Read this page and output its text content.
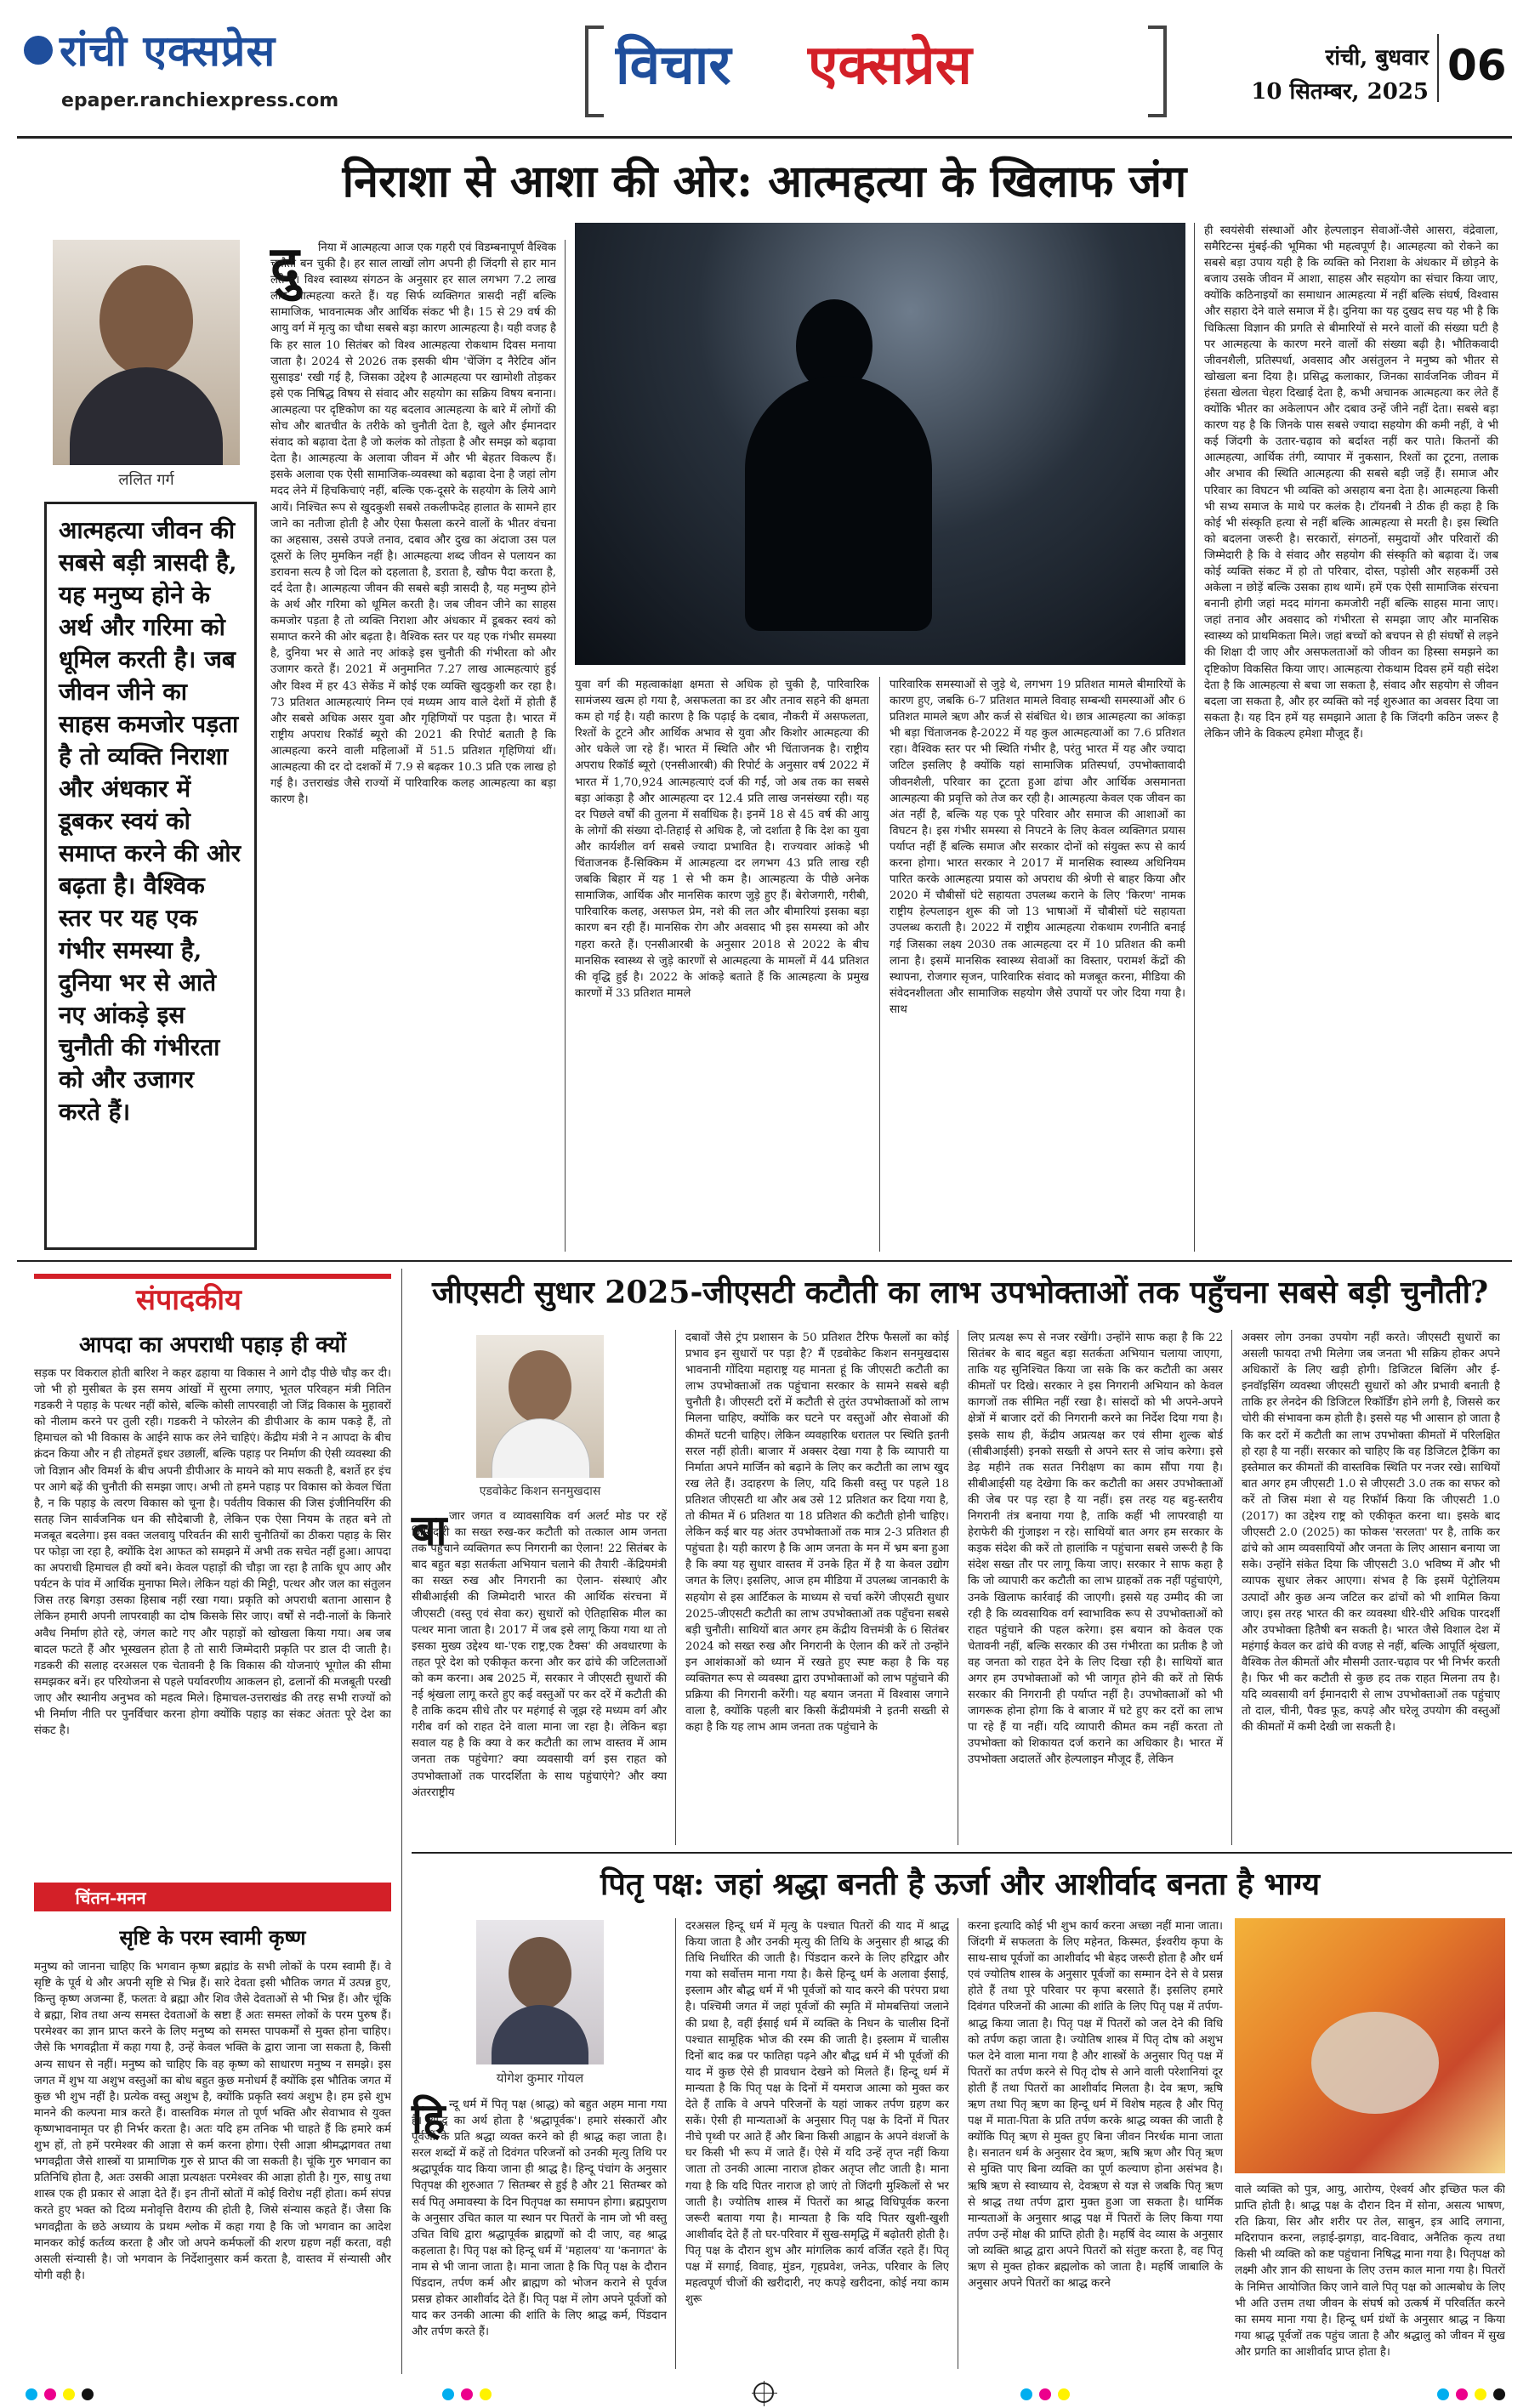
रांची एक्सप्रेस
epaper.ranchiexpress.com
विचार एक्सप्रेस	रांची, बुधवार
10 सितम्बर, 2025
06
निराशा से आशा की ओर: आत्महत्या के खिलाफ जंग
ललित गर्ग
आत्महत्या जीवन की सबसे बड़ी त्रासदी है, यह मनुष्य होने के अर्थ और गरिमा को धूमिल करती है। जब जीवन जीने का साहस कमजोर पड़ता है तो व्यक्ति निराशा और अंधकार में डूबकर स्वयं को समाप्त करने की ओर बढ़ता है। वैश्विक स्तर पर यह एक गंभीर समस्या है, दुनिया भर से आते नए आंकड़े इस चुनौती की गंभीरता को और उजागर करते हैं।
दु	निया में आत्महत्या आज एक गहरी एवं विडम्बनापूर्ण वैश्विक चुनौती बन चुकी है। हर साल लाखों लोग अपनी ही जिंदगी से हार मान लेते हैं। विश्व स्वास्थ्य संगठन के अनुसार हर साल लगभग 7.2 लाख लोग आत्महत्या करते हैं। यह सिर्फ व्यक्तिगत त्रासदी नहीं बल्कि सामाजिक, भावनात्मक और आर्थिक संकट भी है। 15 से 29 वर्ष की आयु वर्ग में मृत्यु का चौथा सबसे बड़ा कारण आत्महत्या है। यही वजह है कि हर साल 10 सितंबर को विश्व आत्महत्या रोकथाम दिवस मनाया जाता है। 2024 से 2026 तक इसकी थीम 'चेंजिंग द नैरेटिव ऑन सुसाइड' रखी गई है, जिसका उद्देश्य है आत्महत्या पर खामोशी तोड़कर इसे एक निषिद्ध विषय से संवाद और सहयोग का सक्रिय विषय बनाना। आत्महत्या पर दृष्टिकोण का यह बदलाव आत्महत्या के बारे में लोगों की सोच और बातचीत के तरीके को चुनौती देता है, खुले और ईमानदार संवाद को बढ़ावा देता है जो कलंक को तोड़ता है और समझ को बढ़ावा देता है। आत्महत्या के अलावा जीवन में और भी बेहतर विकल्प हैं। इसके अलावा एक ऐसी सामाजिक-व्यवस्था को बढ़ावा देना है जहां लोग मदद लेने में हिचकिचाएं नहीं, बल्कि एक-दूसरे के सहयोग के लिये आगे आयें। निश्चित रूप से खुदकुशी सबसे तकलीफदेह हालात के सामने हार जाने का नतीजा होती है और ऐसा फैसला करने वालों के भीतर वंचना का अहसास, उससे उपजे तनाव, दबाव और दुख का अंदाजा उस पल दूसरों के लिए मुमकिन नहीं है। आत्महत्या शब्द जीवन से पलायन का डरावना सत्य है जो दिल को दहलाता है, डराता है, खौफ पैदा करता है, दर्द देता है। आत्महत्या जीवन की सबसे बड़ी त्रासदी है, यह मनुष्य होने के अर्थ और गरिमा को धूमिल करती है। जब जीवन जीने का साहस कमजोर पड़ता है तो व्यक्ति निराशा और अंधकार में डूबकर स्वयं को समाप्त करने की ओर बढ़ता है। वैश्विक स्तर पर यह एक गंभीर समस्या है, दुनिया भर से आते नए आंकड़े इस चुनौती की गंभीरता को और उजागर करते हैं। 2021 में अनुमानित 7.27 लाख आत्महत्याएं हुई और विश्व में हर 43 सेकेंड में कोई एक व्यक्ति खुदकुशी कर रहा है। 73 प्रतिशत आत्महत्याएं निम्न एवं मध्यम आय वाले देशों में होती हैं और सबसे अधिक असर युवा और गृहिणियों पर पड़ता है। भारत में राष्ट्रीय अपराध रिकॉर्ड ब्यूरो की 2021 की रिपोर्ट बताती है कि आत्महत्या करने वाली महिलाओं में 51.5 प्रतिशत गृहिणियां थीं। आत्महत्या की दर दो दशकों में 7.9 से बढ़कर 10.3 प्रति एक लाख हो गई है। उत्तराखंड जैसे राज्यों में पारिवारिक कलह आत्महत्या का बड़ा कारण है।
युवा वर्ग की महत्वाकांक्षा क्षमता से अधिक हो चुकी है, पारिवारिक सामंजस्य खत्म हो गया है, असफलता का डर और तनाव सहने की क्षमता कम हो गई है। यही कारण है कि पढ़ाई के दबाव, नौकरी में असफलता, रिश्तों के टूटने और आर्थिक अभाव से युवा और किशोर आत्महत्या की ओर धकेले जा रहे हैं। भारत में स्थिति और भी चिंताजनक है। राष्ट्रीय अपराध रिकॉर्ड ब्यूरो (एनसीआरबी) की रिपोर्ट के अनुसार वर्ष 2022 में भारत में 1,70,924 आत्महत्याएं दर्ज की गईं, जो अब तक का सबसे बड़ा आंकड़ा है और आत्महत्या दर 12.4 प्रति लाख जनसंख्या रही। यह दर पिछले वर्षों की तुलना में सर्वाधिक है। इनमें 18 से 45 वर्ष की आयु के लोगों की संख्या दो-तिहाई से अधिक है, जो दर्शाता है कि देश का युवा और कार्यशील वर्ग सबसे ज्यादा प्रभावित है। राज्यवार आंकड़े भी चिंताजनक हैं-सिक्किम में आत्महत्या दर लगभग 43 प्रति लाख रही जबकि बिहार में यह 1 से भी कम है। आत्महत्या के पीछे अनेक सामाजिक, आर्थिक और मानसिक कारण जुड़े हुए हैं। बेरोजगारी, गरीबी, पारिवारिक कलह, असफल प्रेम, नशे की लत और बीमारियां इसका बड़ा कारण बन रही हैं। मानसिक रोग और अवसाद भी इस समस्या को और गहरा करते हैं। एनसीआरबी के अनुसार 2018 से 2022 के बीच मानसिक स्वास्थ्य से जुड़े कारणों से आत्महत्या के मामलों में 44 प्रतिशत की वृद्धि हुई है। 2022 के आंकड़े बताते हैं कि आत्महत्या के प्रमुख कारणों में 33 प्रतिशत मामले
पारिवारिक समस्याओं से जुड़े थे, लगभग 19 प्रतिशत मामले बीमारियों के कारण हुए, जबकि 6-7 प्रतिशत मामले विवाह सम्बन्धी समस्याओं और 6 प्रतिशत मामले ऋण और कर्ज से संबंधित थे। छात्र आत्महत्या का आंकड़ा भी बड़ा चिंताजनक है-2022 में यह कुल आत्महत्याओं का 7.6 प्रतिशत रहा। वैश्विक स्तर पर भी स्थिति गंभीर है, परंतु भारत में यह और ज्यादा जटिल इसलिए है क्योंकि यहां सामाजिक प्रतिस्पर्धा, उपभोक्तावादी जीवनशैली, परिवार का टूटता हुआ ढांचा और आर्थिक असमानता आत्महत्या की प्रवृत्ति को तेज कर रही है। आत्महत्या केवल एक जीवन का अंत नहीं है, बल्कि यह एक पूरे परिवार और समाज की आशाओं का विघटन है। इस गंभीर समस्या से निपटने के लिए केवल व्यक्तिगत प्रयास पर्याप्त नहीं हैं बल्कि समाज और सरकार दोनों को संयुक्त रूप से कार्य करना होगा। भारत सरकार ने 2017 में मानसिक स्वास्थ्य अधिनियम पारित करके आत्महत्या प्रयास को अपराध की श्रेणी से बाहर किया और 2020 में चौबीसों घंटे सहायता उपलब्ध कराने के लिए 'किरण' नामक राष्ट्रीय हेल्पलाइन शुरू की जो 13 भाषाओं में चौबीसों घंटे सहायता उपलब्ध कराती है। 2022 में राष्ट्रीय आत्महत्या रोकथाम रणनीति बनाई गई जिसका लक्ष्य 2030 तक आत्महत्या दर में 10 प्रतिशत की कमी लाना है। इसमें मानसिक स्वास्थ्य सेवाओं का विस्तार, परामर्श केंद्रों की स्थापना, रोजगार सृजन, पारिवारिक संवाद को मजबूत करना, मीडिया की संवेदनशीलता और सामाजिक सहयोग जैसे उपायों पर जोर दिया गया है। साथ
ही स्वयंसेवी संस्थाओं और हेल्पलाइन सेवाओं-जैसे आसरा, वंद्रेवाला, समैरिटन्स मुंबई-की भूमिका भी महत्वपूर्ण है। आत्महत्या को रोकने का सबसे बड़ा उपाय यही है कि व्यक्ति को निराशा के अंधकार में छोड़ने के बजाय उसके जीवन में आशा, साहस और सहयोग का संचार किया जाए, क्योंकि कठिनाइयों का समाधान आत्महत्या में नहीं बल्कि संघर्ष, विश्वास और सहारा देने वाले समाज में है। दुनिया का यह दुखद सच यह भी है कि चिकित्सा विज्ञान की प्रगति से बीमारियों से मरने वालों की संख्या घटी है पर आत्महत्या के कारण मरने वालों की संख्या बढ़ी है। भौतिकवादी जीवनशैली, प्रतिस्पर्धा, अवसाद और असंतुलन ने मनुष्य को भीतर से खोखला बना दिया है। प्रसिद्ध कलाकार, जिनका सार्वजनिक जीवन में हंसता खेलता चेहरा दिखाई देता है, कभी अचानक आत्महत्या कर लेते हैं क्योंकि भीतर का अकेलापन और दबाव उन्हें जीने नहीं देता। सबसे बड़ा कारण यह है कि जिनके पास सबसे ज्यादा सहयोग की कमी नहीं, वे भी कई जिंदगी के उतार-चढ़ाव को बर्दाश्त नहीं कर पाते। कितनों की आत्महत्या, आर्थिक तंगी, व्यापार में नुकसान, रिश्तों का टूटना, तलाक और अभाव की स्थिति आत्महत्या की सबसे बड़ी जड़ें हैं। समाज और परिवार का विघटन भी व्यक्ति को असहाय बना देता है। आत्महत्या किसी भी सभ्य समाज के माथे पर कलंक है। टॉयनबी ने ठीक ही कहा है कि कोई भी संस्कृति हत्या से नहीं बल्कि आत्महत्या से मरती है। इस स्थिति को बदलना जरूरी है। सरकारों, संगठनों, समुदायों और परिवारों की जिम्मेदारी है कि वे संवाद और सहयोग की संस्कृति को बढ़ावा दें। जब कोई व्यक्ति संकट में हो तो परिवार, दोस्त, पड़ोसी और सहकर्मी उसे अकेला न छोड़ें बल्कि उसका हाथ थामें। हमें एक ऐसी सामाजिक संरचना बनानी होगी जहां मदद मांगना कमजोरी नहीं बल्कि साहस माना जाए। जहां तनाव और अवसाद को गंभीरता से समझा जाए और मानसिक स्वास्थ्य को प्राथमिकता मिले। जहां बच्चों को बचपन से ही संघर्षों से लड़ने की शिक्षा दी जाए और असफलताओं को जीवन का हिस्सा समझने का दृष्टिकोण विकसित किया जाए। आत्महत्या रोकथाम दिवस हमें यही संदेश देता है कि आत्महत्या से बचा जा सकता है, संवाद और सहयोग से जीवन बदला जा सकता है, और हर व्यक्ति को नई शुरुआत का अवसर दिया जा सकता है। यह दिन हमें यह समझाने आता है कि जिंदगी कठिन जरूर है लेकिन जीने के विकल्प हमेशा मौजूद हैं।
संपादकीय
आपदा का अपराधी पहाड़ ही क्यों
सड़क पर विकराल होती बारिश ने कहर ढहाया या विकास ने आगे दौड़ पीछे चौड़ कर दी। जो भी हो मुसीबत के इस समय आंखों में सुरमा लगाए, भूतल परिवहन मंत्री नितिन गडकरी ने पहाड़ के पत्थर नहीं कोसे, बल्कि कोसी लापरवाही जो जिंद्र विकास के मुहावरों को नीलाम करने पर तुली रही। गडकरी ने फोरलेन की डीपीआर के काम पकड़े हैं, तो हिमाचल को भी विकास के आईने साफ कर लेने चाहिएं। केंद्रीय मंत्री ने न आपदा के बीच क्रंदन किया और न ही तोहमतें इधर उछालीं, बल्कि पहाड़ पर निर्माण की ऐसी व्यवस्था की जो विज्ञान और विमर्श के बीच अपनी डीपीआर के मायने को माप सकती है, बशर्ते हर इंच पर आगे बढ़ें की चुनौती की समझा जाए। अभी तो हमने पहाड़ पर विकास को केवल चिंता है, न कि पहाड़ के त्वरण विकास को चूना है। पर्वतीय विकास की जिस इंजीनियरिंग की सतह जिन सार्वजनिक धन की सौदेबाजी है, लेकिन एक ऐसा नियम के तहत बने तो मजबूत बदलेगा। इस वक्त जलवायु परिवर्तन की सारी चुनौतियों का ठीकरा पहाड़ के सिर पर फोड़ा जा रहा है, क्योंकि देश आफत को समझने में अभी तक सचेत नहीं हुआ। आपदा का अपराधी हिमाचल ही क्यों बने। केवल पहाड़ों की चौड़ा जा रहा है ताकि धूप आए और पर्यटन के पांव में आर्थिक मुनाफा मिले। लेकिन यहां की मिट्टी, पत्थर और जल का संतुलन जिस तरह बिगड़ा उसका हिसाब नहीं रखा गया। प्रकृति को अपराधी बताना आसान है लेकिन हमारी अपनी लापरवाही का दोष किसके सिर जाए। वर्षों से नदी-नालों के किनारे अवैध निर्माण होते रहे, जंगल काटे गए और पहाड़ों को खोखला किया गया। अब जब बादल फटते हैं और भूस्खलन होता है तो सारी जिम्मेदारी प्रकृति पर डाल दी जाती है। गडकरी की सलाह दरअसल एक चेतावनी है कि विकास की योजनाएं भूगोल की सीमा समझकर बनें। हर परियोजना से पहले पर्यावरणीय आकलन हो, ढलानों की मजबूती परखी जाए और स्थानीय अनुभव को महत्व मिले। हिमाचल-उत्तराखंड की तरह सभी राज्यों को भी निर्माण नीति पर पुनर्विचार करना होगा क्योंकि पहाड़ का संकट अंततः पूरे देश का संकट है।
चिंतन-मनन
सृष्टि के परम स्वामी कृष्ण
मनुष्य को जानना चाहिए कि भगवान कृष्ण ब्रह्मांड के सभी लोकों के परम स्वामी हैं। वे सृष्टि के पूर्व थे और अपनी सृष्टि से भिन्न हैं। सारे देवता इसी भौतिक जगत में उत्पन्न हुए, किन्तु कृष्ण अजन्मा हैं, फलतः वे ब्रह्मा और शिव जैसे देवताओं से भी भिन्न हैं। और चूंकि वे ब्रह्मा, शिव तथा अन्य समस्त देवताओं के स्रष्टा हैं अतः समस्त लोकों के परम पुरुष हैं। परमेश्वर का ज्ञान प्राप्त करने के लिए मनुष्य को समस्त पापकर्मों से मुक्त होना चाहिए। जैसे कि भगवद्गीता में कहा गया है, उन्हें केवल भक्ति के द्वारा जाना जा सकता है, किसी अन्य साधन से नहीं। मनुष्य को चाहिए कि वह कृष्ण को साधारण मनुष्य न समझे। इस जगत में शुभ या अशुभ वस्तुओं का बोध बहुत कुछ मनोधर्म हैं क्योंकि इस भौतिक जगत में कुछ भी शुभ नहीं है। प्रत्येक वस्तु अशुभ है, क्योंकि प्रकृति स्वयं अशुभ है। हम इसे शुभ मानने की कल्पना मात्र करते हैं। वास्तविक मंगल तो पूर्ण भक्ति और सेवाभाव से युक्त कृष्णभावनामृत पर ही निर्भर करता है। अतः यदि हम तनिक भी चाहते हैं कि हमारे कर्म शुभ हों, तो हमें परमेश्वर की आज्ञा से कर्म करना होगा। ऐसी आज्ञा श्रीमद्भागवत तथा भगवद्गीता जैसे शास्त्रों या प्रामाणिक गुरु से प्राप्त की जा सकती है। चूंकि गुरु भगवान का प्रतिनिधि होता है, अतः उसकी आज्ञा प्रत्यक्षतः परमेश्वर की आज्ञा होती है। गुरु, साधु तथा शास्त्र एक ही प्रकार से आज्ञा देते हैं। इन तीनों स्रोतों में कोई विरोध नहीं होता। कर्म संपन्न करते हुए भक्त को दिव्य मनोवृत्ति वैराग्य की होती है, जिसे संन्यास कहते हैं। जैसा कि भगवद्गीता के छठे अध्याय के प्रथम श्लोक में कहा गया है कि जो भगवान का आदेश मानकर कोई कर्तव्य करता है और जो अपने कर्मफलों की शरण ग्रहण नहीं करता, वही असली संन्यासी है। जो भगवान के निर्देशानुसार कर्म करता है, वास्तव में संन्यासी और योगी वही है।
जीएसटी सुधार 2025-जीएसटी कटौती का लाभ उपभोक्ताओं तक पहुँचना सबसे बड़ी चुनौती?
एडवोकेट किशन सनमुखदास
बा जार जगत व व्यावसायिक वर्ग अलर्ट मोड पर रहें जिम्मेदारी का सख्त रुख-कर कटौती को तत्काल आम जनता तक पहुंचाने व्यक्तिगत रूप निगरानी का ऐलान! 22 सितंबर के बाद बहुत बड़ा सतर्कता अभियान चलाने की तैयारी -केंद्रियमंत्री का सख्त रुख और निगरानी का ऐलान- संस्थाएं और सीबीआईसी की जिम्मेदारी भारत की आर्थिक संरचना में जीएसटी (वस्तु एवं सेवा कर) सुधारों को ऐतिहासिक मील का पत्थर माना जाता है। 2017 में जब इसे लागू किया गया था तो इसका मुख्य उद्देश्य था-'एक राष्ट्र,एक टैक्स' की अवधारणा के तहत पूरे देश को एकीकृत करना और कर ढांचे की जटिलताओं को कम करना। अब 2025 में, सरकार ने जीएसटी सुधारों की नई श्रृंखला लागू करते हुए कई वस्तुओं पर कर दरें में कटौती की है ताकि कदम सीधे तौर पर महंगाई से जूझ रहे मध्यम वर्ग और गरीब वर्ग को राहत देने वाला माना जा रहा है। लेकिन बड़ा सवाल यह है कि क्या वे कर कटौती का लाभ वास्तव में आम जनता तक पहुंचेगा? क्या व्यवसायी वर्ग इस राहत को उपभोक्ताओं तक पारदर्शिता के साथ पहुंचाएंगे? और क्या अंतरराष्ट्रीय
दबावों जैसे ट्रंप प्रशासन के 50 प्रतिशत टैरिफ फैसलों का कोई प्रभाव इन सुधारों पर पड़ा है? मैं एडवोकेट किशन सनमुखदास भावनानी गोंदिया महाराष्ट्र यह मानता हूं कि जीएसटी कटौती का लाभ उपभोक्ताओं तक पहुंचाना सरकार के सामने सबसे बड़ी चुनौती है। जीएसटी दरों में कटौती से तुरंत उपभोक्ताओं को लाभ मिलना चाहिए, क्योंकि कर घटने पर वस्तुओं और सेवाओं की कीमतें घटनी चाहिए। लेकिन व्यवहारिक धरातल पर स्थिति इतनी सरल नहीं होती। बाजार में अक्सर देखा गया है कि व्यापारी या निर्माता अपने मार्जिन को बढ़ाने के लिए कर कटौती का लाभ खुद रख लेते हैं। उदाहरण के लिए, यदि किसी वस्तु पर पहले 18 प्रतिशत जीएसटी था और अब उसे 12 प्रतिशत कर दिया गया है, तो कीमत में 6 प्रतिशत या 18 प्रतिशत की कटौती होनी चाहिए। लेकिन कई बार यह अंतर उपभोक्ताओं तक मात्र 2-3 प्रतिशत ही पहुंचता है। यही कारण है कि आम जनता के मन में भ्रम बना हुआ है कि क्या यह सुधार वास्तव में उनके हित में है या केवल उद्योग जगत के लिए। इसलिए, आज हम मीडिया में उपलब्ध जानकारी के सहयोग से इस आर्टिकल के माध्यम से चर्चा करेंगे जीएसटी सुधार 2025-जीएसटी कटौती का लाभ उपभोक्ताओं तक पहुँचना सबसे बड़ी चुनौती। साथियों बात अगर हम केंद्रीय वित्तमंत्री के 6 सितंबर 2024 को सख्त रुख और निगरानी के ऐलान की करें तो उन्होंने इन आशंकाओं को ध्यान में रखते हुए स्पष्ट कहा है कि यह व्यक्तिगत रूप से व्यवस्था द्वारा उपभोक्ताओं को लाभ पहुंचाने की प्रक्रिया की निगरानी करेंगी। यह बयान जनता में विश्वास जगाने वाला है, क्योंकि पहली बार किसी केंद्रीयमंत्री ने इतनी सख्ती से कहा है कि यह लाभ आम जनता तक पहुंचाने के
लिए प्रत्यक्ष रूप से नजर रखेंगी। उन्होंने साफ कहा है कि 22 सितंबर के बाद बहुत बड़ा सतर्कता अभियान चलाया जाएगा, ताकि यह सुनिश्चित किया जा सके कि कर कटौती का असर कीमतों पर दिखे। सरकार ने इस निगरानी अभियान को केवल कागजों तक सीमित नहीं रखा है। सांसदों को भी अपने-अपने क्षेत्रों में बाजार दरों की निगरानी करने का निर्देश दिया गया है। इसके साथ ही, केंद्रीय अप्रत्यक्ष कर एवं सीमा शुल्क बोर्ड (सीबीआईसी) इनको सख्ती से अपने स्तर से जांच करेगा। इसे डेढ़ महीने तक सतत निरीक्षण का काम सौंपा गया है। सीबीआईसी यह देखेगा कि कर कटौती का असर उपभोक्ताओं की जेब पर पड़ रहा है या नहीं। इस तरह यह बहु-स्तरीय निगरानी तंत्र बनाया गया है, ताकि कहीं भी लापरवाही या हेराफेरी की गुंजाइश न रहे। साथियों बात अगर हम सरकार के कड़क संदेश की करें तो हालांकि न पहुंचाना सबसे जरूरी है कि संदेश सख्त तौर पर लागू किया जाए। सरकार ने साफ कहा है कि जो व्यापारी कर कटौती का लाभ ग्राहकों तक नहीं पहुंचाएंगे, उनके खिलाफ कार्रवाई की जाएगी। इससे यह उम्मीद की जा रही है कि व्यवसायिक वर्ग स्वाभाविक रूप से उपभोक्ताओं को राहत पहुंचाने की पहल करेगा। इस बयान को केवल एक चेतावनी नहीं, बल्कि सरकार की उस गंभीरता का प्रतीक है जो वह जनता को राहत देने के लिए दिखा रही है। साथियों बात अगर हम उपभोक्ताओं को भी जागृत होने की करें तो सिर्फ सरकार की निगरानी ही पर्याप्त नहीं है। उपभोक्ताओं को भी जागरूक होना होगा कि वे बाजार में घटे हुए कर दरों का लाभ पा रहे हैं या नहीं। यदि व्यापारी कीमत कम नहीं करता तो उपभोक्ता को शिकायत दर्ज कराने का अधिकार है। भारत में उपभोक्ता अदालतें और हेल्पलाइन मौजूद हैं, लेकिन
अक्सर लोग उनका उपयोग नहीं करते। जीएसटी सुधारों का असली फायदा तभी मिलेगा जब जनता भी सक्रिय होकर अपने अधिकारों के लिए खड़ी होगी। डिजिटल बिलिंग और ई-इनवॉइसिंग व्यवस्था जीएसटी सुधारों को और प्रभावी बनाती है ताकि हर लेनदेन की डिजिटल रिकॉर्डिंग होने लगी है, जिससे कर चोरी की संभावना कम होती है। इससे यह भी आसान हो जाता है कि कर दरों में कटौती का लाभ उपभोक्ता कीमतों में परिलक्षित हो रहा है या नहीं। सरकार को चाहिए कि वह डिजिटल ट्रैकिंग का इस्तेमाल कर कीमतों की वास्तविक स्थिति पर नजर रखे। साथियों बात अगर हम जीएसटी 1.0 से जीएसटी 3.0 तक का सफर को करें तो जिस मंशा से यह रिफॉर्म किया कि जीएसटी 1.0 (2017) का उद्देश्य राष्ट्र को एकीकृत करना था। इसके बाद जीएसटी 2.0 (2025) का फोकस 'सरलता' पर है, ताकि कर ढांचे को आम व्यवसायियों और जनता के लिए आसान बनाया जा सके। उन्होंने संकेत दिया कि जीएसटी 3.0 भविष्य में और भी व्यापक सुधार लेकर आएगा। संभव है कि इसमें पेट्रोलियम उत्पादों और कुछ अन्य जटिल कर ढांचों को भी शामिल किया जाए। इस तरह भारत की कर व्यवस्था धीरे-धीरे अधिक पारदर्शी और उपभोक्ता हितैषी बन सकती है। भारत जैसे विशाल देश में महंगाई केवल कर ढांचे की वजह से नहीं, बल्कि आपूर्ति श्रृंखला, वैश्विक तेल कीमतों और मौसमी उतार-चढ़ाव पर भी निर्भर करती है। फिर भी कर कटौती से कुछ हद तक राहत मिलना तय है। यदि व्यवसायी वर्ग ईमानदारी से लाभ उपभोक्ताओं तक पहुंचाए तो दाल, चीनी, पैक्ड फूड, कपड़े और घरेलू उपयोग की वस्तुओं की कीमतों में कमी देखी जा सकती है।
पितृ पक्ष: जहां श्रद्धा बनती है ऊर्जा और आशीर्वाद बनता है भाग्य
योगेश कुमार गोयल
हि न्दू धर्म में पितृ पक्ष (श्राद्ध) को बहुत अहम माना गया है। श्राद्ध का अर्थ होता है 'श्रद्धापूर्वक'। हमारे संस्कारों और पूर्वजों के प्रति श्रद्धा व्यक्त करने को ही श्राद्ध कहा जाता है। सरल शब्दों में कहें तो दिवंगत परिजनों को उनकी मृत्यु तिथि पर श्रद्धापूर्वक याद किया जाना ही श्राद्ध है। हिन्दू पंचांग के अनुसार पितृपक्ष की शुरुआत 7 सितम्बर से हुई है और 21 सितम्बर को सर्व पितृ अमावस्या के दिन पितृपक्ष का समापन होगा। ब्रह्मपुराण के अनुसार उचित काल या स्थान पर पितरों के नाम जो भी वस्तु उचित विधि द्वारा श्रद्धापूर्वक ब्राह्मणों को दी जाए, वह श्राद्ध कहलाता है। पितृ पक्ष को हिन्दू धर्म में 'महालय' या 'कनागत' के नाम से भी जाना जाता है। माना जाता है कि पितृ पक्ष के दौरान पिंडदान, तर्पण कर्म और ब्राह्मण को भोजन कराने से पूर्वज प्रसन्न होकर आशीर्वाद देते हैं। पितृ पक्ष में लोग अपने पूर्वजों को याद कर उनकी आत्मा की शांति के लिए श्राद्ध कर्म, पिंडदान और तर्पण करते हैं।
दरअसल हिन्दू धर्म में मृत्यु के पश्चात पितरों की याद में श्राद्ध किया जाता है और उनकी मृत्यु की तिथि के अनुसार ही श्राद्ध की तिथि निर्धारित की जाती है। पिंडदान करने के लिए हरिद्वार और गया को सर्वोत्तम माना गया है। कैसे हिन्दू धर्म के अलावा ईसाई, इस्लाम और बौद्ध धर्म में भी पूर्वजों को याद करने की परंपरा प्रथा है। पश्चिमी जगत में जहां पूर्वजों की स्मृति में मोमबत्तियां जलाने की प्रथा है, वहीं ईसाई धर्म में व्यक्ति के निधन के चालीस दिनों पश्चात सामूहिक भोज की रस्म की जाती है। इस्लाम में चालीस दिनों बाद कब्र पर फातिहा पढ़ने और बौद्ध धर्म में भी पूर्वजों की याद में कुछ ऐसे ही प्रावधान देखने को मिलते हैं। हिन्दू धर्म में मान्यता है कि पितृ पक्ष के दिनों में यमराज आत्मा को मुक्त कर देते हैं ताकि वे अपने परिजनों के यहां जाकर तर्पण ग्रहण कर सकें। ऐसी ही मान्यताओं के अनुसार पितृ पक्ष के दिनों में पितर नीचे पृथ्वी पर आते हैं और बिना किसी आह्वान के अपने वंशजों के घर किसी भी रूप में जाते हैं। ऐसे में यदि उन्हें तृप्त नहीं किया जाता तो उनकी आत्मा नाराज होकर अतृप्त लौट जाती है। माना गया है कि यदि पितर नाराज हो जाएं तो जिंदगी मुश्किलों से भर जाती है। ज्योतिष शास्त्र में पितरों का श्राद्ध विधिपूर्वक करना जरूरी बताया गया है। मान्यता है कि यदि पितर खुशी-खुशी आशीर्वाद देते हैं तो घर-परिवार में सुख-समृद्धि में बढ़ोतरी होती है। पितृ पक्ष के दौरान शुभ और मांगलिक कार्य वर्जित रहते हैं। पितृ पक्ष में सगाई, विवाह, मुंडन, गृहप्रवेश, जनेऊ, परिवार के लिए महत्वपूर्ण चीजों की खरीदारी, नए कपड़े खरीदना, कोई नया काम शुरू
करना इत्यादि कोई भी शुभ कार्य करना अच्छा नहीं माना जाता। जिंदगी में सफलता के लिए महेनत, किस्मत, ईश्वरीय कृपा के साथ-साथ पूर्वजों का आशीर्वाद भी बेहद जरूरी होता है और धर्म एवं ज्योतिष शास्त्र के अनुसार पूर्वजों का सम्मान देने से वे प्रसन्न होते हैं तथा पूरे परिवार पर कृपा बरसाते हैं। इसलिए हमारे दिवंगत परिजनों की आत्मा की शांति के लिए पितृ पक्ष में तर्पण-श्राद्ध किया जाता है। पितृ पक्ष में पितरों को जल देने की विधि को तर्पण कहा जाता है। ज्योतिष शास्त्र में पितृ दोष को अशुभ फल देने वाला माना गया है और शास्त्रों के अनुसार पितृ पक्ष में पितरों का तर्पण करने से पितृ दोष से आने वाली परेशानियां दूर होती हैं तथा पितरों का आशीर्वाद मिलता है। देव ऋण, ऋषि ऋण तथा पितृ ऋण का हिन्दू धर्म में विशेष महत्व है और पितृ पक्ष में माता-पिता के प्रति तर्पण करके श्राद्ध व्यक्त की जाती है क्योंकि पितृ ऋण से मुक्त हुए बिना जीवन निरर्थक माना जाता है। सनातन धर्म के अनुसार देव ऋण, ऋषि ऋण और पितृ ऋण से मुक्ति पाए बिना व्यक्ति का पूर्ण कल्याण होना असंभव है। ऋषि ऋण से स्वाध्याय से, देवऋण से यज्ञ से जबकि पितृ ऋण से श्राद्ध तथा तर्पण द्वारा मुक्त हुआ जा सकता है। धार्मिक मान्यताओं के अनुसार श्राद्ध पक्ष में पितरों के लिए किया गया तर्पण उन्हें मोक्ष की प्राप्ति होती है। महर्षि वेद व्यास के अनुसार जो व्यक्ति श्राद्ध द्वारा अपने पितरों को संतुष्ट करता है, वह पितृ ऋण से मुक्त होकर ब्रह्मलोक को जाता है। महर्षि जाबालि के अनुसार अपने पितरों का श्राद्ध करने
वाले व्यक्ति को पुत्र, आयु, आरोग्य, ऐश्वर्य और इच्छित फल की प्राप्ति होती है। श्राद्ध पक्ष के दौरान दिन में सोना, असत्य भाषण, रति क्रिया, सिर और शरीर पर तेल, साबुन, इत्र आदि लगाना, मदिरापान करना, लड़ाई-झगड़ा, वाद-विवाद, अनैतिक कृत्य तथा किसी भी व्यक्ति को कष्ट पहुंचाना निषिद्ध माना गया है। पितृपक्ष को लक्ष्मी और ज्ञान की साधना के लिए उत्तम काल माना गया है। पितरों के निमित्त आयोजित किए जाने वाले पितृ पक्ष को आत्मबोध के लिए भी अति उत्तम तथा जीवन के संघर्ष को उत्कर्ष में परिवर्तित करने का समय माना गया है। हिन्दू धर्म ग्रंथों के अनुसार श्राद्ध न किया गया श्राद्ध पूर्वजों तक पहुंच जाता है और श्रद्धालु को जीवन में सुख और प्रगति का आशीर्वाद प्राप्त होता है।
